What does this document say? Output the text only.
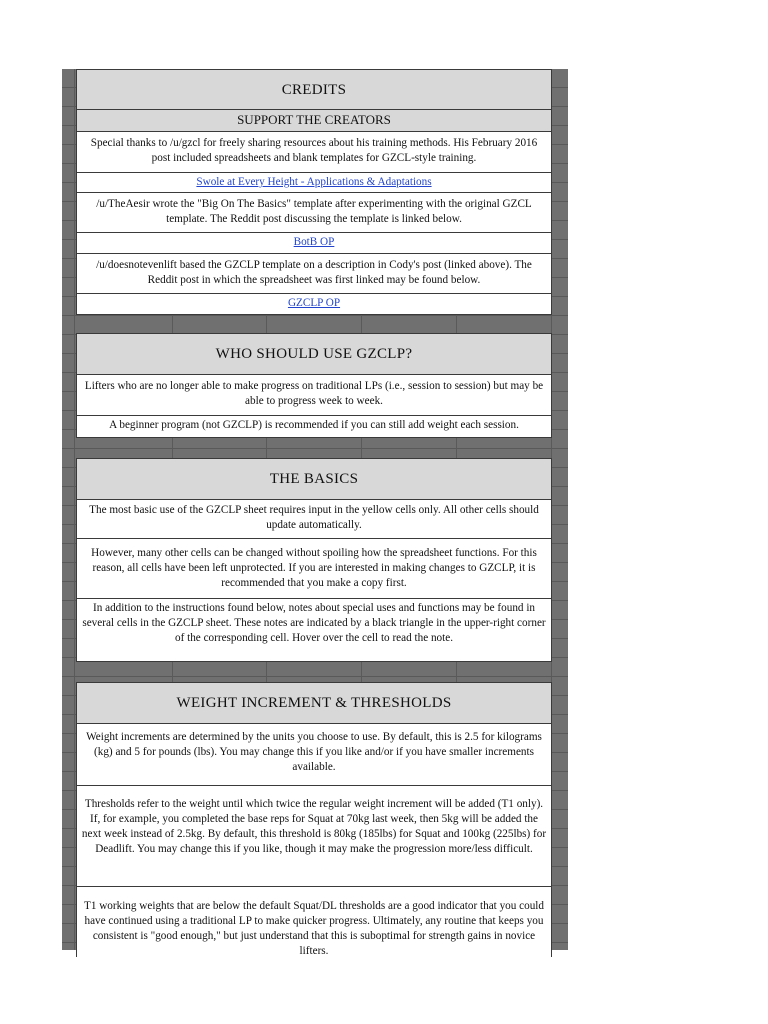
CREDITS
SUPPORT THE CREATORS
Special thanks to /u/gzcl for freely sharing resources about his training methods. His February 2016 post included spreadsheets and blank templates for GZCL-style training.
Swole at Every Height - Applications & Adaptations
/u/TheAesir wrote the "Big On The Basics" template after experimenting with the original GZCL template. The Reddit post discussing the template is linked below.
BotB OP
/u/doesnotevenlift based the GZCLP template on a description in Cody's post (linked above). The Reddit post in which the spreadsheet was first linked may be found below.
GZCLP OP
WHO SHOULD USE GZCLP?
Lifters who are no longer able to make progress on traditional LPs (i.e., session to session) but may be able to progress week to week.
A beginner program (not GZCLP) is recommended if you can still add weight each session.
THE BASICS
The most basic use of the GZCLP sheet requires input in the yellow cells only. All other cells should update automatically.
However, many other cells can be changed without spoiling how the spreadsheet functions. For this reason, all cells have been left unprotected. If you are interested in making changes to GZCLP, it is recommended that you make a copy first.
In addition to the instructions found below, notes about special uses and functions may be found in several cells in the GZCLP sheet. These notes are indicated by a black triangle in the upper-right corner of the corresponding cell. Hover over the cell to read the note.
WEIGHT INCREMENT & THRESHOLDS
Weight increments are determined by the units you choose to use. By default, this is 2.5 for kilograms (kg) and 5 for pounds (lbs). You may change this if you like and/or if you have smaller increments available.
Thresholds refer to the weight until which twice the regular weight increment will be added (T1 only). If, for example, you completed the base reps for Squat at 70kg last week, then 5kg will be added the next week instead of 2.5kg. By default, this threshold is 80kg (185lbs) for Squat and 100kg (225lbs) for Deadlift. You may change this if you like, though it may make the progression more/less difficult.
T1 working weights that are below the default Squat/DL thresholds are a good indicator that you could have continued using a traditional LP to make quicker progress. Ultimately, any routine that keeps you consistent is "good enough," but just understand that this is suboptimal for strength gains in novice lifters.
